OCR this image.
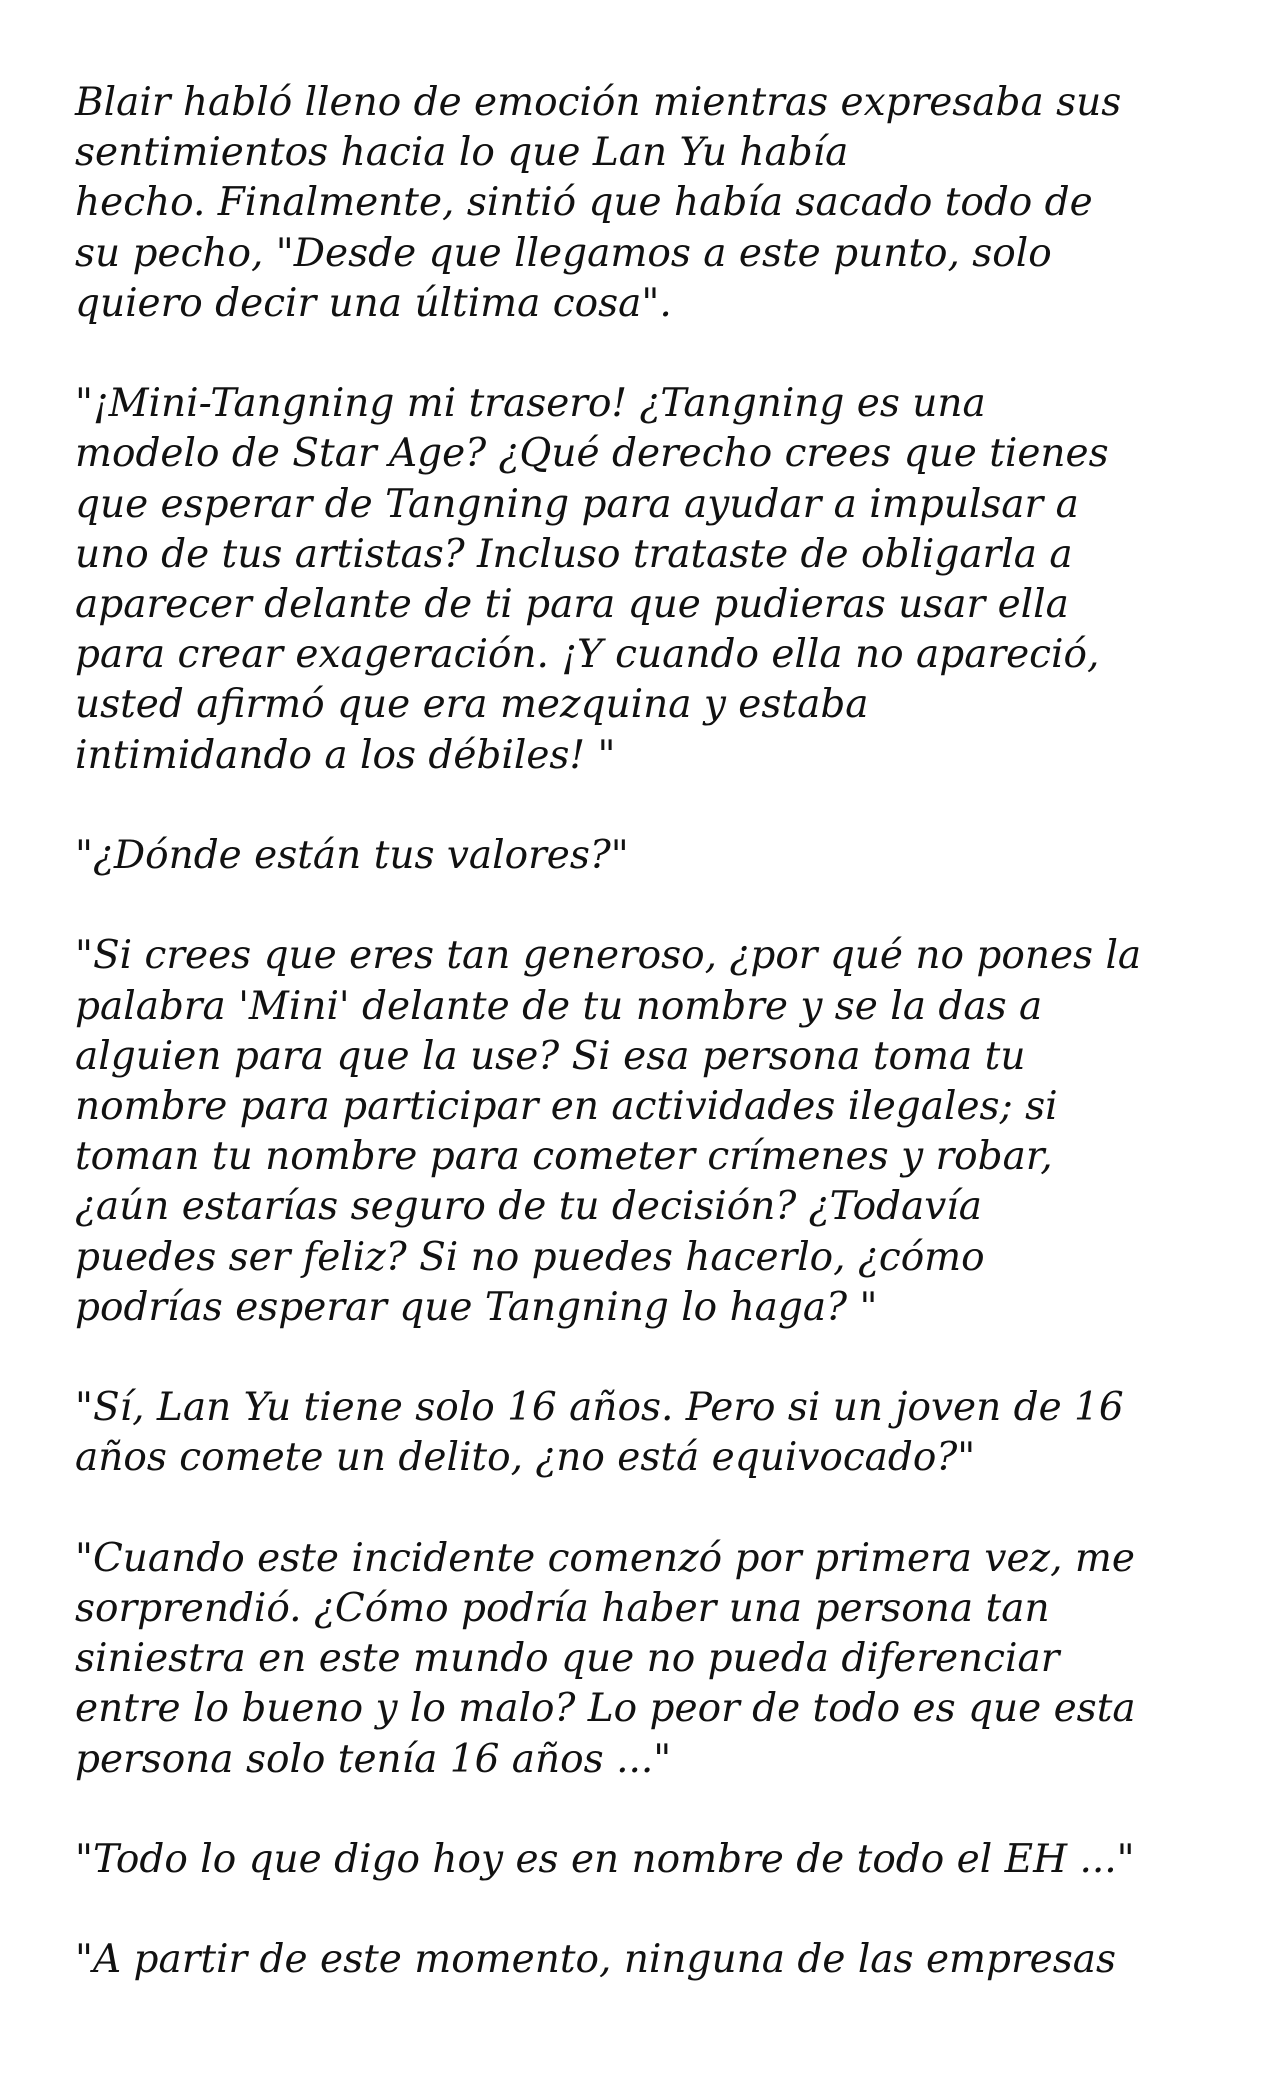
Blair habló lleno de emoción mientras expresaba sus
sentimientos hacia lo que Lan Yu había
hecho. Finalmente, sintió que había sacado todo de
su pecho, "Desde que llegamos a este punto, solo
quiero decir una última cosa".

"¡Mini-Tangning mi trasero! ¿Tangning es una
modelo de Star Age? ¿Qué derecho crees que tienes
que esperar de Tangning para ayudar a impulsar a
uno de tus artistas? Incluso trataste de obligarla a
aparecer delante de ti para que pudieras usar ella
para crear exageración. ¡Y cuando ella no apareció,
usted afirmó que era mezquina y estaba
intimidando a los débiles! "

"¿Dónde están tus valores?"

"Si crees que eres tan generoso, ¿por qué no pones la
palabra 'Mini' delante de tu nombre y se la das a
alguien para que la use? Si esa persona toma tu
nombre para participar en actividades ilegales; si
toman tu nombre para cometer crímenes y robar,
¿aún estarías seguro de tu decisión? ¿Todavía
puedes ser feliz? Si no puedes hacerlo, ¿cómo
podrías esperar que Tangning lo haga? "

"Sí, Lan Yu tiene solo 16 años. Pero si un joven de 16
años comete un delito, ¿no está equivocado?"

"Cuando este incidente comenzó por primera vez, me
sorprendió. ¿Cómo podría haber una persona tan
siniestra en este mundo que no pueda diferenciar
entre lo bueno y lo malo? Lo peor de todo es que esta
persona solo tenía 16 años ..."

"Todo lo que digo hoy es en nombre de todo el EH ..."

"A partir de este momento, ninguna de las empresas
